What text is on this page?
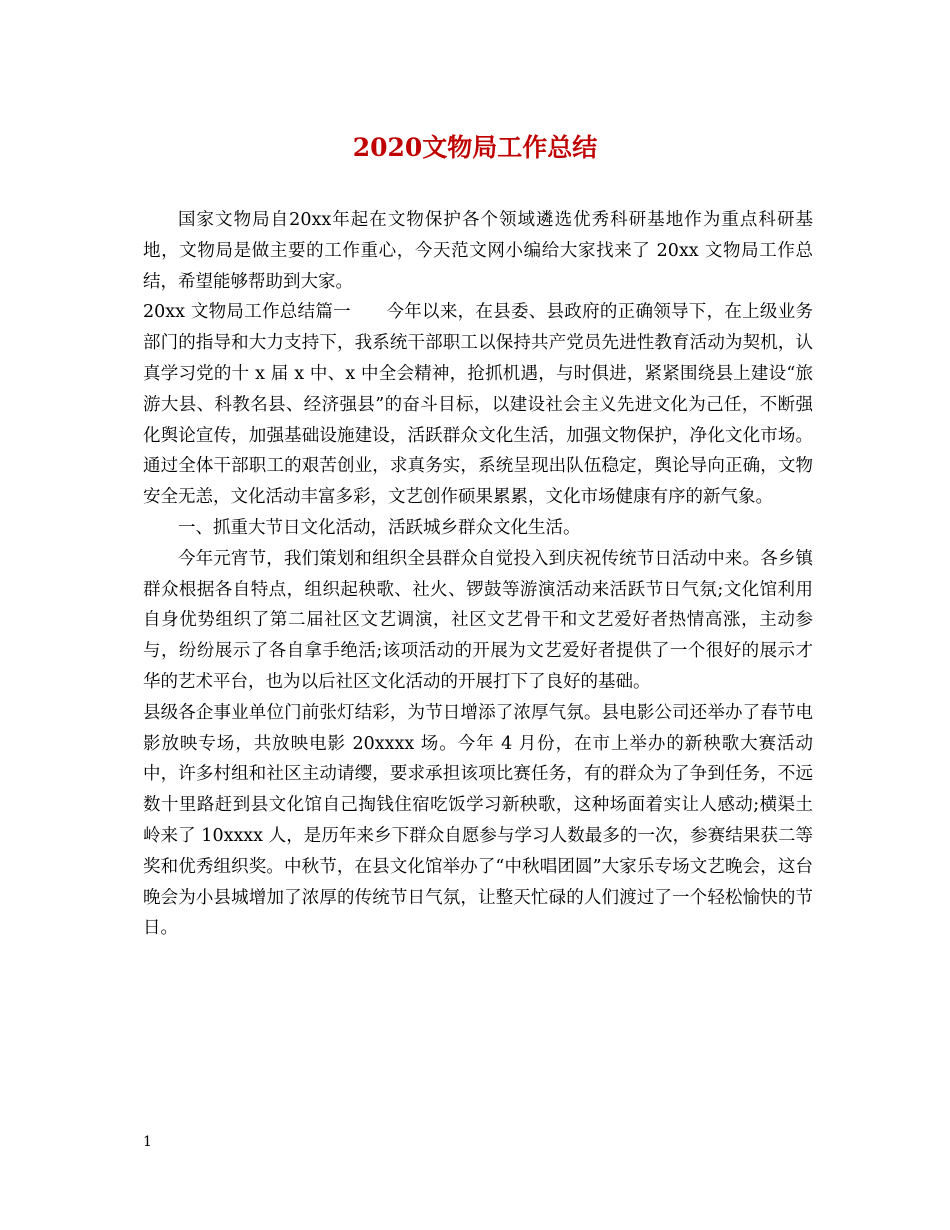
2020文物局工作总结

国家文物局自20xx年起在文物保护各个领域遴选优秀科研基地作为重点科研基地，文物局是做主要的工作重心，今天范文网小编给大家找来了 20xx 文物局工作总结，希望能够帮助到大家。

20xx 文物局工作总结篇一　　今年以来，在县委、县政府的正确领导下，在上级业务部门的指导和大力支持下，我系统干部职工以保持共产党员先进性教育活动为契机，认真学习党的十 x 届 x 中、x 中全会精神，抢抓机遇，与时俱进，紧紧围绕县上建设“旅游大县、科教名县、经济强县”的奋斗目标，以建设社会主义先进文化为己任，不断强化舆论宣传，加强基础设施建设，活跃群众文化生活，加强文物保护，净化文化市场。通过全体干部职工的艰苦创业，求真务实，系统呈现出队伍稳定，舆论导向正确，文物安全无恙，文化活动丰富多彩，文艺创作硕果累累，文化市场健康有序的新气象。

一、抓重大节日文化活动，活跃城乡群众文化生活。

今年元宵节，我们策划和组织全县群众自觉投入到庆祝传统节日活动中来。各乡镇群众根据各自特点，组织起秧歌、社火、锣鼓等游演活动来活跃节日气氛;文化馆利用自身优势组织了第二届社区文艺调演，社区文艺骨干和文艺爱好者热情高涨，主动参与，纷纷展示了各自拿手绝活;该项活动的开展为文艺爱好者提供了一个很好的展示才华的艺术平台，也为以后社区文化活动的开展打下了良好的基础。

县级各企事业单位门前张灯结彩，为节日增添了浓厚气氛。县电影公司还举办了春节电影放映专场，共放映电影 20xxxx 场。今年 4 月份，在市上举办的新秧歌大赛活动中，许多村组和社区主动请缨，要求承担该项比赛任务，有的群众为了争到任务，不远数十里路赶到县文化馆自己掏钱住宿吃饭学习新秧歌，这种场面着实让人感动;横渠土岭来了 10xxxx 人，是历年来乡下群众自愿参与学习人数最多的一次，参赛结果获二等奖和优秀组织奖。中秋节，在县文化馆举办了“中秋唱团圆”大家乐专场文艺晚会，这台晚会为小县城增加了浓厚的传统节日气氛，让整天忙碌的人们渡过了一个轻松愉快的节日。

1
